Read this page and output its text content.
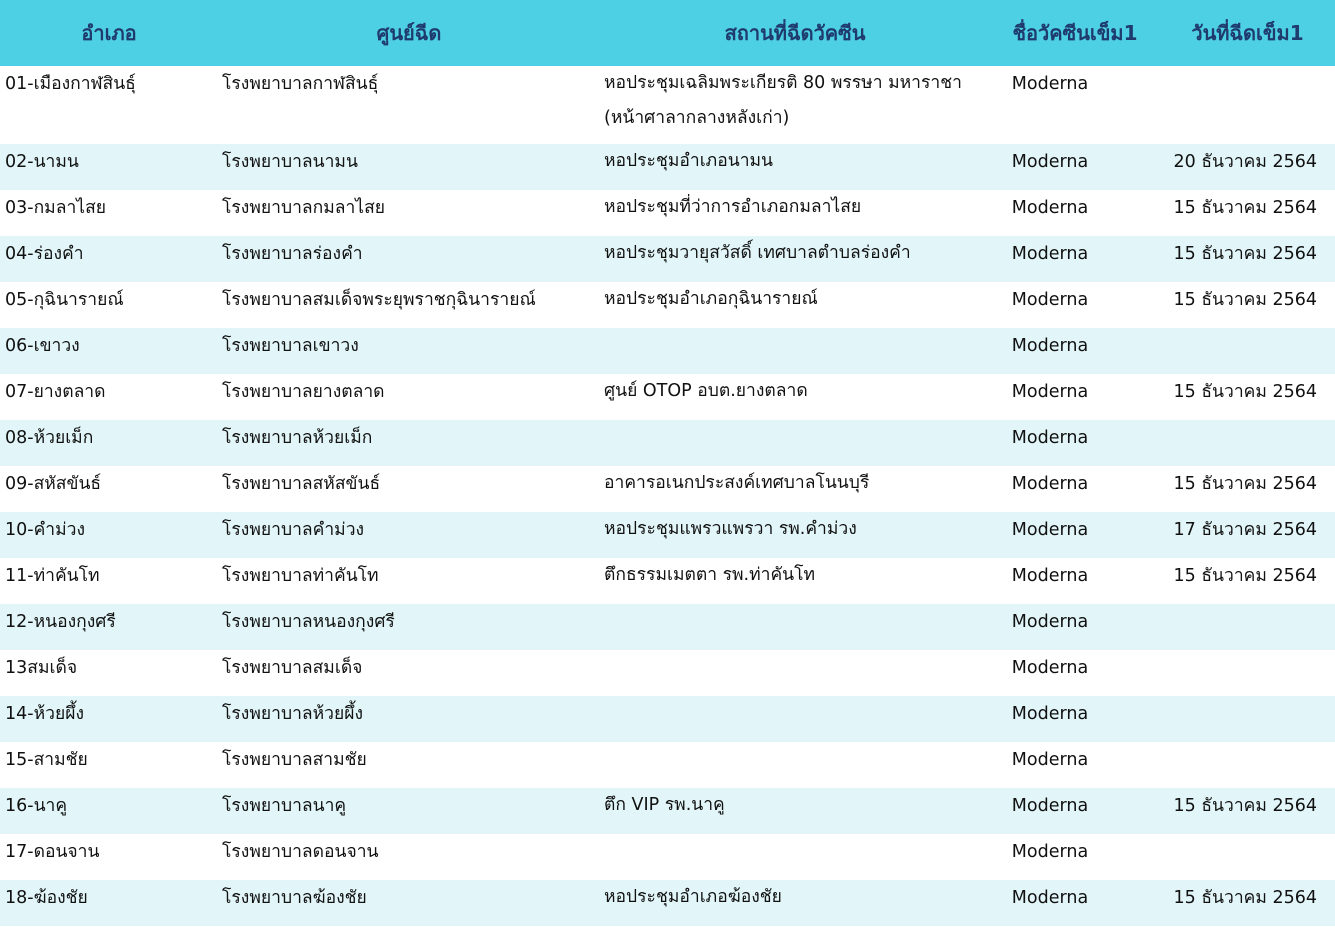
อำเภอ	ศูนย์ฉีด	สถานที่ฉีดวัคซีน	ชื่อวัคซีนเข็ม1	วันที่ฉีดเข็ม1
01-เมืองกาฬสินธุ์	โรงพยาบาลกาฬสินธุ์	หอประชุมเฉลิมพระเกียรติ 80 พรรษา มหาราชา (หน้าศาลากลางหลังเก่า)	Moderna	
02-นามน	โรงพยาบาลนามน	หอประชุมอำเภอนามน	Moderna	20 ธันวาคม 2564
03-กมลาไสย	โรงพยาบาลกมลาไสย	หอประชุมที่ว่าการอำเภอกมลาไสย	Moderna	15 ธันวาคม 2564
04-ร่องคำ	โรงพยาบาลร่องคำ	หอประชุมวายุสวัสดิ์ เทศบาลตำบลร่องคำ	Moderna	15 ธันวาคม 2564
05-กุฉินารายณ์	โรงพยาบาลสมเด็จพระยุพราชกุฉินารายณ์	หอประชุมอำเภอกุฉินารายณ์	Moderna	15 ธันวาคม 2564
06-เขาวง	โรงพยาบาลเขาวง		Moderna	
07-ยางตลาด	โรงพยาบาลยางตลาด	ศูนย์ OTOP อบต.ยางตลาด	Moderna	15 ธันวาคม 2564
08-ห้วยเม็ก	โรงพยาบาลห้วยเม็ก		Moderna	
09-สหัสขันธ์	โรงพยาบาลสหัสขันธ์	อาคารอเนกประสงค์เทศบาลโนนบุรี	Moderna	15 ธันวาคม 2564
10-คำม่วง	โรงพยาบาลคำม่วง	หอประชุมแพรวแพรวา รพ.คำม่วง	Moderna	17 ธันวาคม 2564
11-ท่าคันโท	โรงพยาบาลท่าคันโท	ตึกธรรมเมตตา รพ.ท่าคันโท	Moderna	15 ธันวาคม 2564
12-หนองกุงศรี	โรงพยาบาลหนองกุงศรี		Moderna	
13สมเด็จ	โรงพยาบาลสมเด็จ		Moderna	
14-ห้วยผึ้ง	โรงพยาบาลห้วยผึ้ง		Moderna	
15-สามชัย	โรงพยาบาลสามชัย		Moderna	
16-นาคู	โรงพยาบาลนาคู	ตึก VIP รพ.นาคู	Moderna	15 ธันวาคม 2564
17-ดอนจาน	โรงพยาบาลดอนจาน		Moderna	
18-ฆ้องชัย	โรงพยาบาลฆ้องชัย	หอประชุมอำเภอฆ้องชัย	Moderna	15 ธันวาคม 2564
